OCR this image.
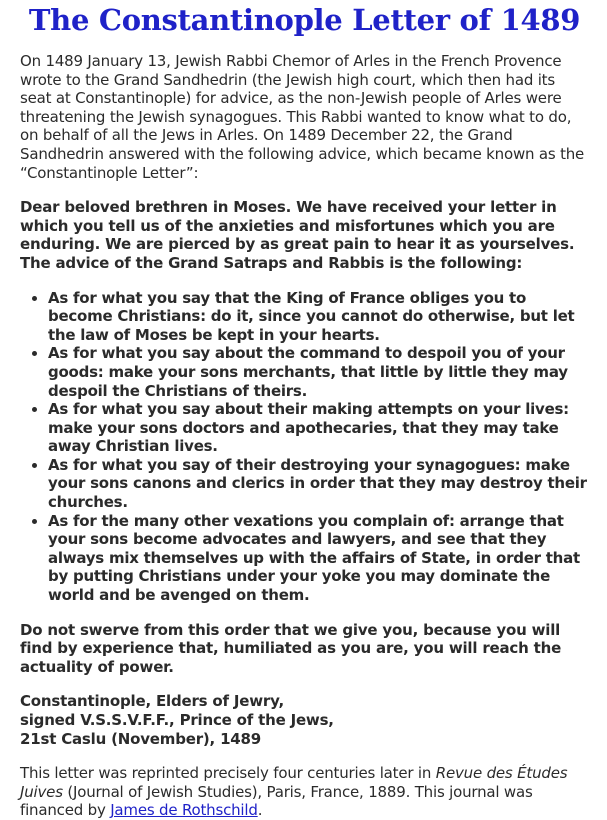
The Constantinople Letter of 1489

On 1489 January 13, Jewish Rabbi Chemor of Arles in the French Provence wrote to the Grand Sandhedrin (the Jewish high court, which then had its seat at Constantinople) for advice, as the non-Jewish people of Arles were threatening the Jewish synagogues. This Rabbi wanted to know what to do, on behalf of all the Jews in Arles. On 1489 December 22, the Grand Sandhedrin answered with the following advice, which became known as the “Constantinople Letter”:

Dear beloved brethren in Moses. We have received your letter in which you tell us of the anxieties and misfortunes which you are enduring. We are pierced by as great pain to hear it as yourselves. The advice of the Grand Satraps and Rabbis is the following:

• As for what you say that the King of France obliges you to become Christians: do it, since you cannot do otherwise, but let the law of Moses be kept in your hearts.
• As for what you say about the command to despoil you of your goods: make your sons merchants, that little by little they may despoil the Christians of theirs.
• As for what you say about their making attempts on your lives: make your sons doctors and apothecaries, that they may take away Christian lives.
• As for what you say of their destroying your synagogues: make your sons canons and clerics in order that they may destroy their churches.
• As for the many other vexations you complain of: arrange that your sons become advocates and lawyers, and see that they always mix themselves up with the affairs of State, in order that by putting Christians under your yoke you may dominate the world and be avenged on them.

Do not swerve from this order that we give you, because you will find by experience that, humiliated as you are, you will reach the actuality of power.

Constantinople, Elders of Jewry,
signed V.S.S.V.F.F., Prince of the Jews,
21st Caslu (November), 1489

This letter was reprinted precisely four centuries later in Revue des Études Juives (Journal of Jewish Studies), Paris, France, 1889. This journal was financed by James de Rothschild.
